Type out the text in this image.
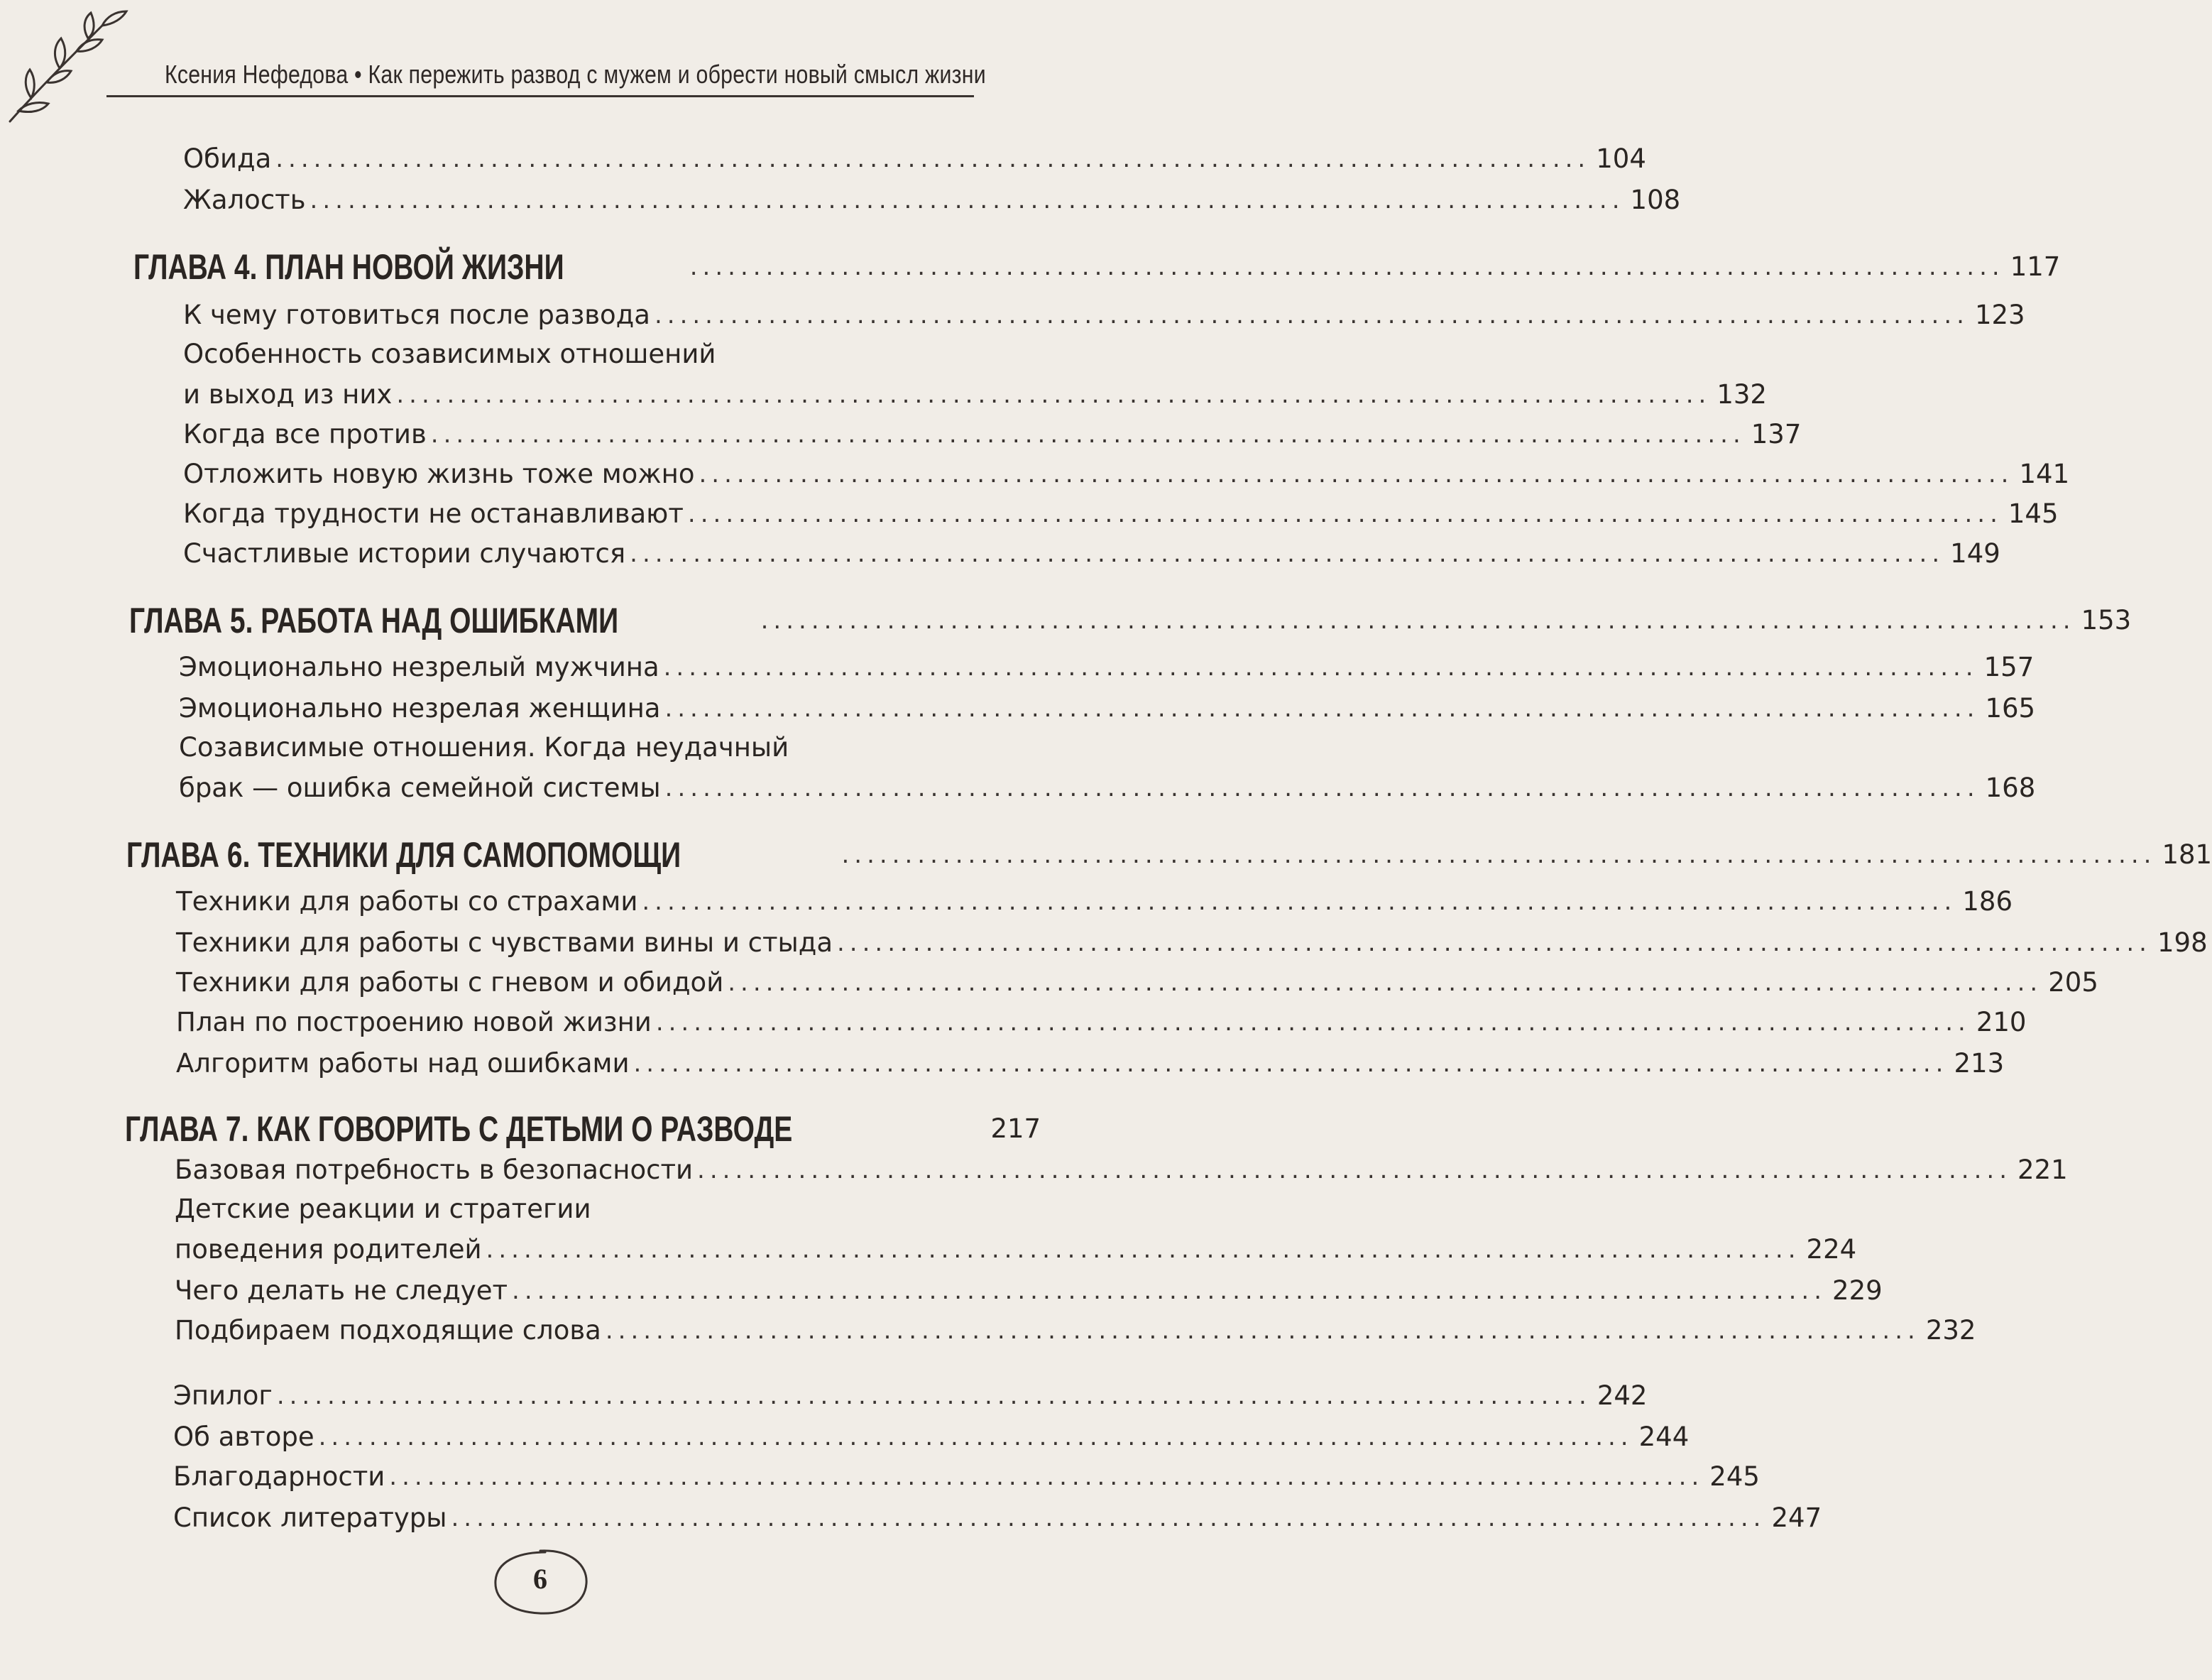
Ксения Нефедова • Как пережить развод с мужем и обрести новый смысл жизни
Обида ........................................................................................................ 104
Жалость ........................................................................................................ 108
ГЛАВА 4. ПЛАН НОВОЙ ЖИЗНИ	........................................................................................................ 117
К чему готовиться после развода ........................................................................................................ 123
Особенность созависимых отношений
и выход из них ........................................................................................................ 132
Когда все против ........................................................................................................ 137
Отложить новую жизнь тоже можно ........................................................................................................ 141
Когда трудности не останавливают ........................................................................................................ 145
Счастливые истории случаются ........................................................................................................ 149
ГЛАВА 5. РАБОТА НАД ОШИБКАМИ	........................................................................................................ 153
Эмоционально незрелый мужчина ........................................................................................................ 157
Эмоционально незрелая женщина ........................................................................................................ 165
Созависимые отношения. Когда неудачный
брак — ошибка семейной системы ........................................................................................................ 168
ГЛАВА 6. ТЕХНИКИ ДЛЯ САМОПОМОЩИ	........................................................................................................ 181
Техники для работы со страхами ........................................................................................................ 186
Техники для работы с чувствами вины и стыда ........................................................................................................ 198
Техники для работы с гневом и обидой ........................................................................................................ 205
План по построению новой жизни ........................................................................................................ 210
Алгоритм работы над ошибками ........................................................................................................ 213
ГЛАВА 7. КАК ГОВОРИТЬ С ДЕТЬМИ О РАЗВОДЕ	217
Базовая потребность в безопасности ........................................................................................................ 221
Детские реакции и стратегии
поведения родителей ........................................................................................................ 224
Чего делать не следует ........................................................................................................ 229
Подбираем подходящие слова ........................................................................................................ 232
Эпилог ........................................................................................................ 242
Об авторе ........................................................................................................ 244
Благодарности ........................................................................................................ 245
Список литературы ........................................................................................................ 247
6
